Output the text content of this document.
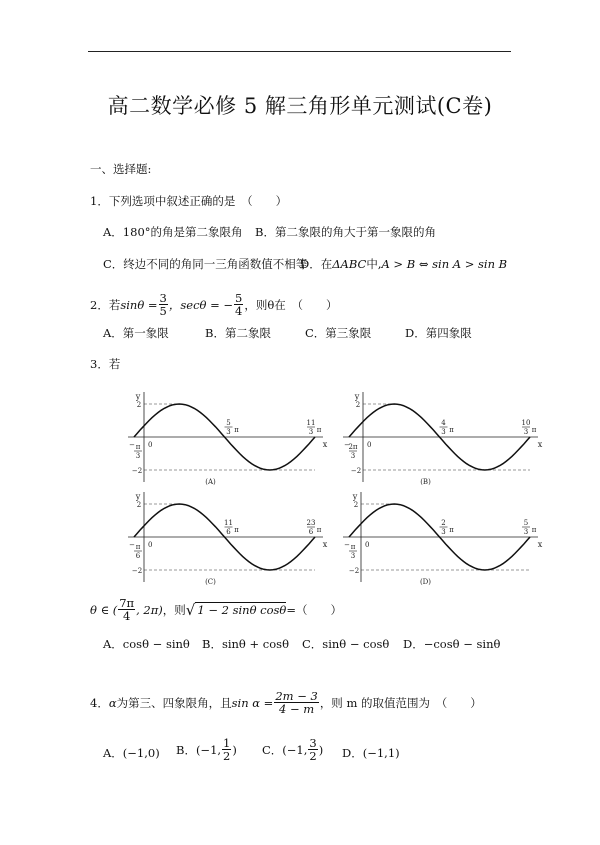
高二数学必修 5 解三角形单元测试(C卷)
一、选择题:
1．下列选项中叙述正确的是　（　　）
A．180°的角是第二象限角 B．第二象限的角大于第一象限的角
C．终边不同的角同一三角函数值不相等
D．在ΔABC中,A > B ⇔ sin A > sin B
2．若 $\sin\theta = \frac{3}{5}$ ，secθ = − $\frac{5}{4}$ ，则θ在　（　　）
A．第一象限	B．第二象限	C．第三象限	D．第四象限
3．若
y
x
0
2
−2
− π
3
5
3 π
11
3 π
(A)
y
x
0
2
−2
−
2π
3
4
3 π
10
3 π
(B)
y
x
0
2
−2
− π
6
11
6 π
23
6 π
(C)
y
x
0
2
−2
− π
3
2
3 π
5
3 π
(D)
θ ∈ ( $\frac{7\pi}{4}$ , 2π) ，则 √ 1 − 2 sinθ cosθ =（　　）
A．cosθ − sinθ B．sinθ + cosθ C．sinθ − cosθ D．−cosθ − sinθ
4． α 为第三、四象限角，且 $\sin \alpha = \frac{2m - 3}{4 - m}$ ，则 m 的取值范围为　（　　）
A．(−1,0) B．(−1, $\frac{1}{2}$ ) C．(−1, $\frac{3}{2}$ ) D．(−1,1)
